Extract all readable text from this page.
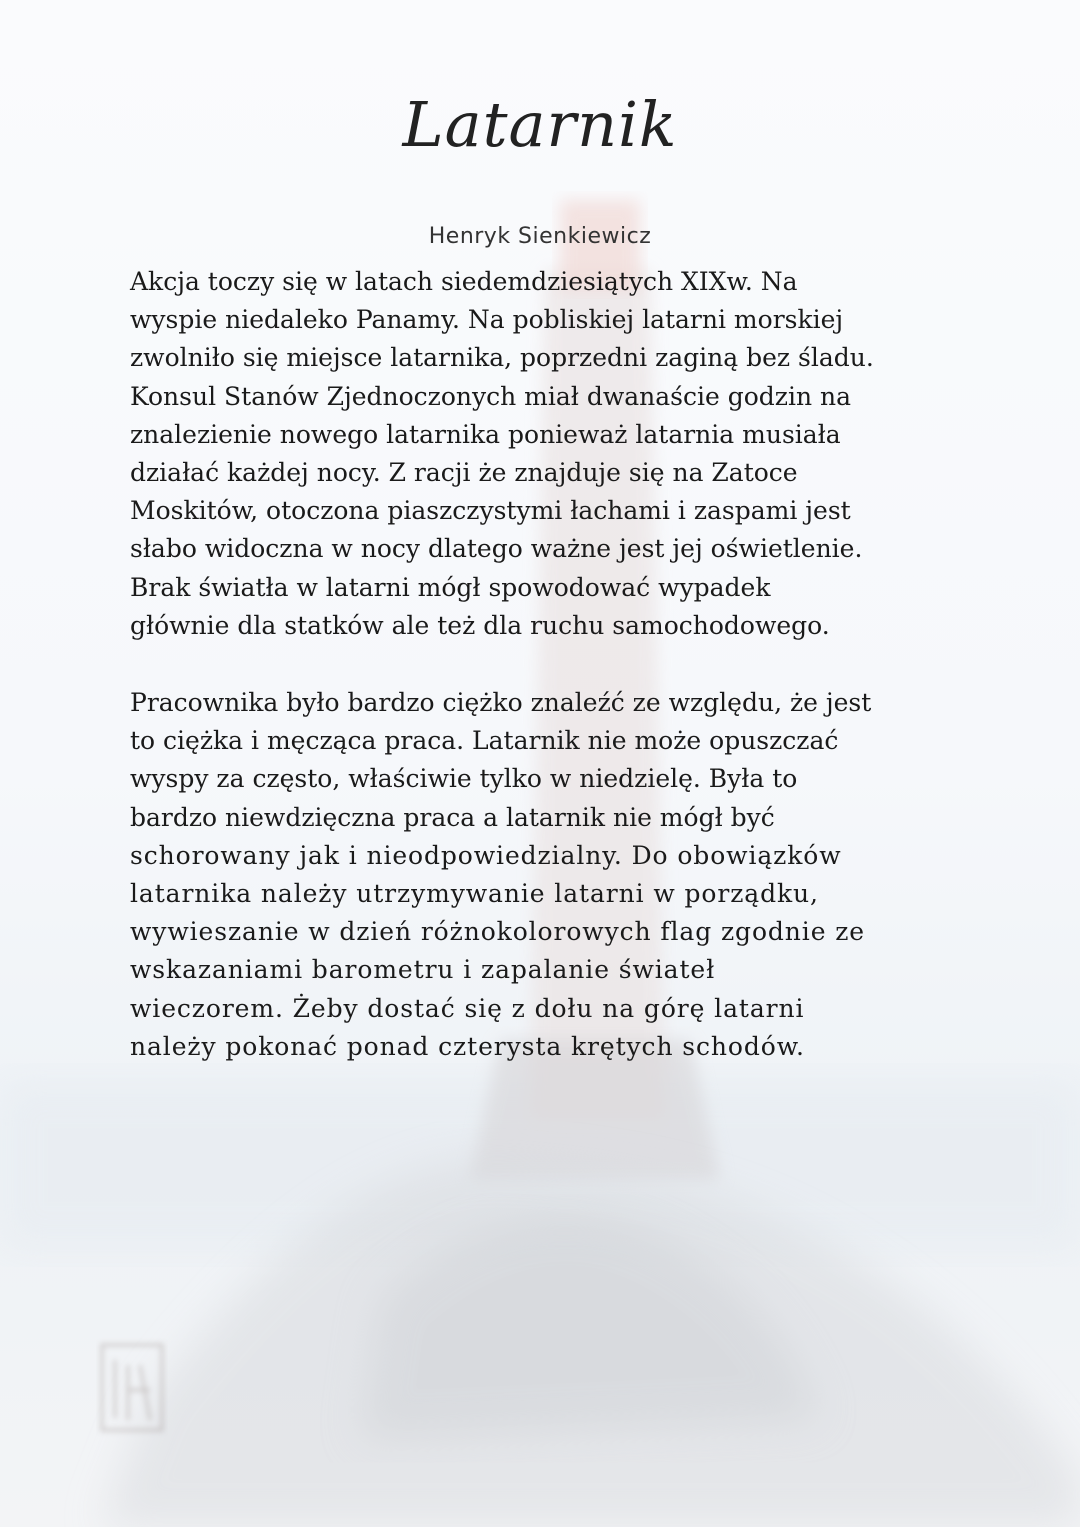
Latarnik
Henryk Sienkiewicz
Akcja toczy się w latach siedemdziesiątych XIXw. Na
wyspie niedaleko Panamy. Na pobliskiej latarni morskiej
zwolniło się miejsce latarnika, poprzedni zaginą bez śladu.
Konsul Stanów Zjednoczonych miał dwanaście godzin na
znalezienie nowego latarnika ponieważ latarnia musiała
działać każdej nocy. Z racji że znajduje się na Zatoce
Moskitów, otoczona piaszczystymi łachami i zaspami jest
słabo widoczna w nocy dlatego ważne jest jej oświetlenie.
Brak światła w latarni mógł spowodować wypadek
głównie dla statków ale też dla ruchu samochodowego.
Pracownika było bardzo ciężko znaleźć ze względu, że jest
to ciężka i męcząca praca. Latarnik nie może opuszczać
wyspy za często, właściwie tylko w niedzielę. Była to
bardzo niewdzięczna praca a latarnik nie mógł być
schorowany jak i nieodpowiedzialny. Do obowiązków
latarnika należy utrzymywanie latarni w porządku,
wywieszanie w dzień różnokolorowych flag zgodnie ze
wskazaniami barometru i zapalanie świateł
wieczorem. Żeby dostać się z dołu na górę latarni
należy pokonać ponad czterysta krętych schodów.
